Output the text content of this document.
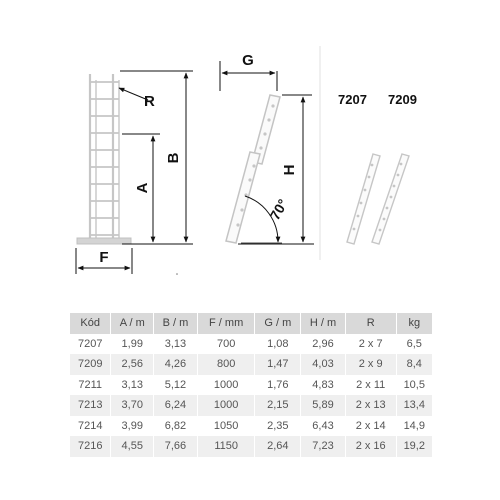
R
B
A
F
G
H
70°
7207 7209
Kód	A / m	B / m	F / mm	G / m	H / m	R	kg
7207	1,99	3,13	700	1,08	2,96	2 x 7	6,5
7209	2,56	4,26	800	1,47	4,03	2 x 9	8,4
7211	3,13	5,12	1000	1,76	4,83	2 x 11	10,5
7213	3,70	6,24	1000	2,15	5,89	2 x 13	13,4
7214	3,99	6,82	1050	2,35	6,43	2 x 14	14,9
7216	4,55	7,66	1150	2,64	7,23	2 x 16	19,2
